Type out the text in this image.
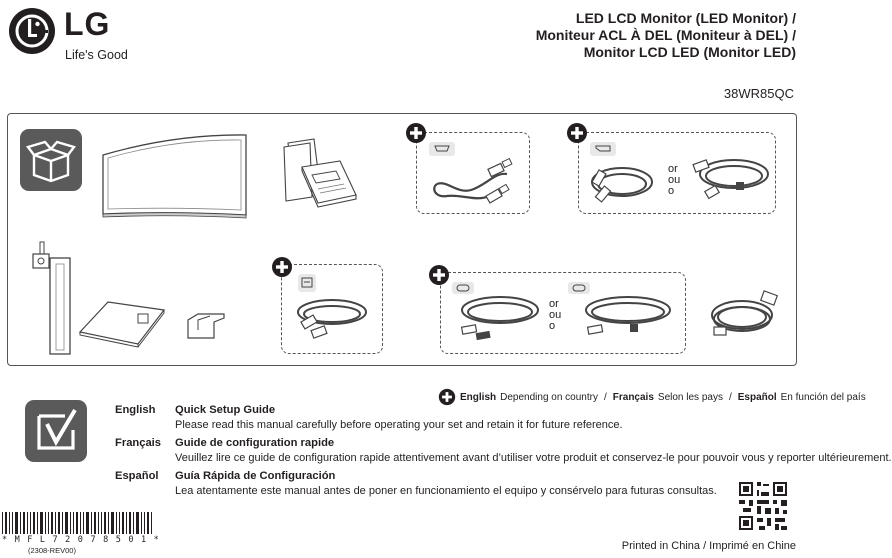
LG
Life's Good
LED LCD Monitor (LED Monitor) /
Moniteur ACL À DEL (Moniteur à DEL) /
Monitor LCD LED (Monitor LED)
38WR85QC
or
ou
o
or
ou
o
English Depending on country / Français Selon les pays / Español En función del país
English Quick Setup Guide
Please read this manual carefully before operating your set and retain it for future reference.
Français Guide de configuration rapide
Veuillez lire ce guide de configuration rapide attentivement avant d’utiliser votre produit et conservez-le pour pouvoir vous y reporter ultérieurement.
Español Guía Rápida de Configuración
Lea atentamente este manual antes de poner en funcionamiento el equipo y consérvelo para futuras consultas.
* M F L 7 2 0 7 8 5 0 1 *
(2308-REV00)	Printed in China / Imprimé en Chine
